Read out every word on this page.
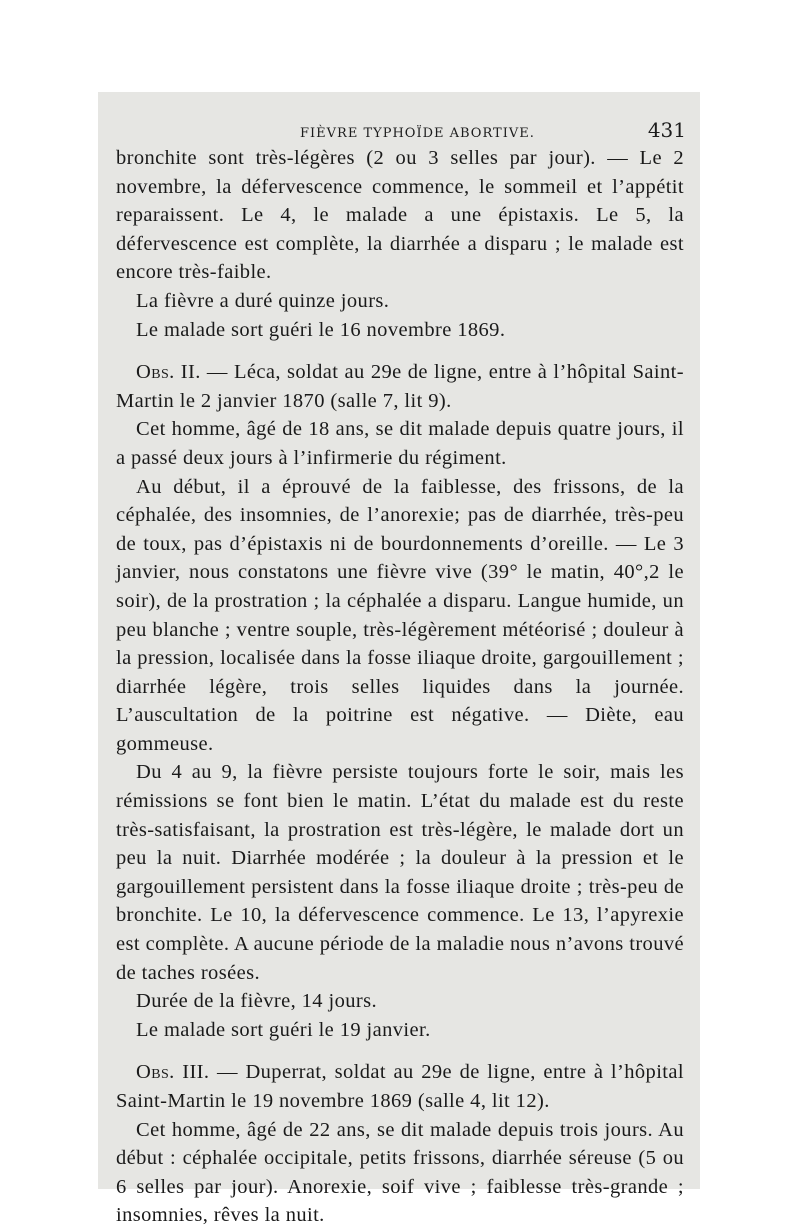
FIÈVRE TYPHOÏDE ABORTIVE.	431

bronchite sont très-légères (2 ou 3 selles par jour). — Le 2 novembre, la défervescence commence, le sommeil et l’appétit reparaissent. Le 4, le malade a une épistaxis. Le 5, la défervescence est complète, la diarrhée a disparu ; le malade est encore très-faible.

La fièvre a duré quinze jours.

Le malade sort guéri le 16 novembre 1869.

Obs. II. — Léca, soldat au 29e de ligne, entre à l’hôpital Saint-Martin le 2 janvier 1870 (salle 7, lit 9).

Cet homme, âgé de 18 ans, se dit malade depuis quatre jours, il a passé deux jours à l’infirmerie du régiment.

Au début, il a éprouvé de la faiblesse, des frissons, de la céphalée, des insomnies, de l’anorexie; pas de diarrhée, très-peu de toux, pas d’épistaxis ni de bourdonnements d’oreille. — Le 3 janvier, nous constatons une fièvre vive (39° le matin, 40°,2 le soir), de la prostration ; la céphalée a disparu. Langue humide, un peu blanche ; ventre souple, très-légèrement météorisé ; douleur à la pression, localisée dans la fosse iliaque droite, gargouillement ; diarrhée légère, trois selles liquides dans la journée. L’auscultation de la poitrine est négative. — Diète, eau gommeuse.

Du 4 au 9, la fièvre persiste toujours forte le soir, mais les rémissions se font bien le matin. L’état du malade est du reste très-satisfaisant, la prostration est très-légère, le malade dort un peu la nuit. Diarrhée modérée ; la douleur à la pression et le gargouillement persistent dans la fosse iliaque droite ; très-peu de bronchite. Le 10, la défervescence commence. Le 13, l’apyrexie est complète. A aucune période de la maladie nous n’avons trouvé de taches rosées.

Durée de la fièvre, 14 jours.

Le malade sort guéri le 19 janvier.

Obs. III. — Duperrat, soldat au 29e de ligne, entre à l’hôpital Saint-Martin le 19 novembre 1869 (salle 4, lit 12).

Cet homme, âgé de 22 ans, se dit malade depuis trois jours. Au début : céphalée occipitale, petits frissons, diarrhée séreuse (5 ou 6 selles par jour). Anorexie, soif vive ; faiblesse très-grande ; insomnies, rêves la nuit.
